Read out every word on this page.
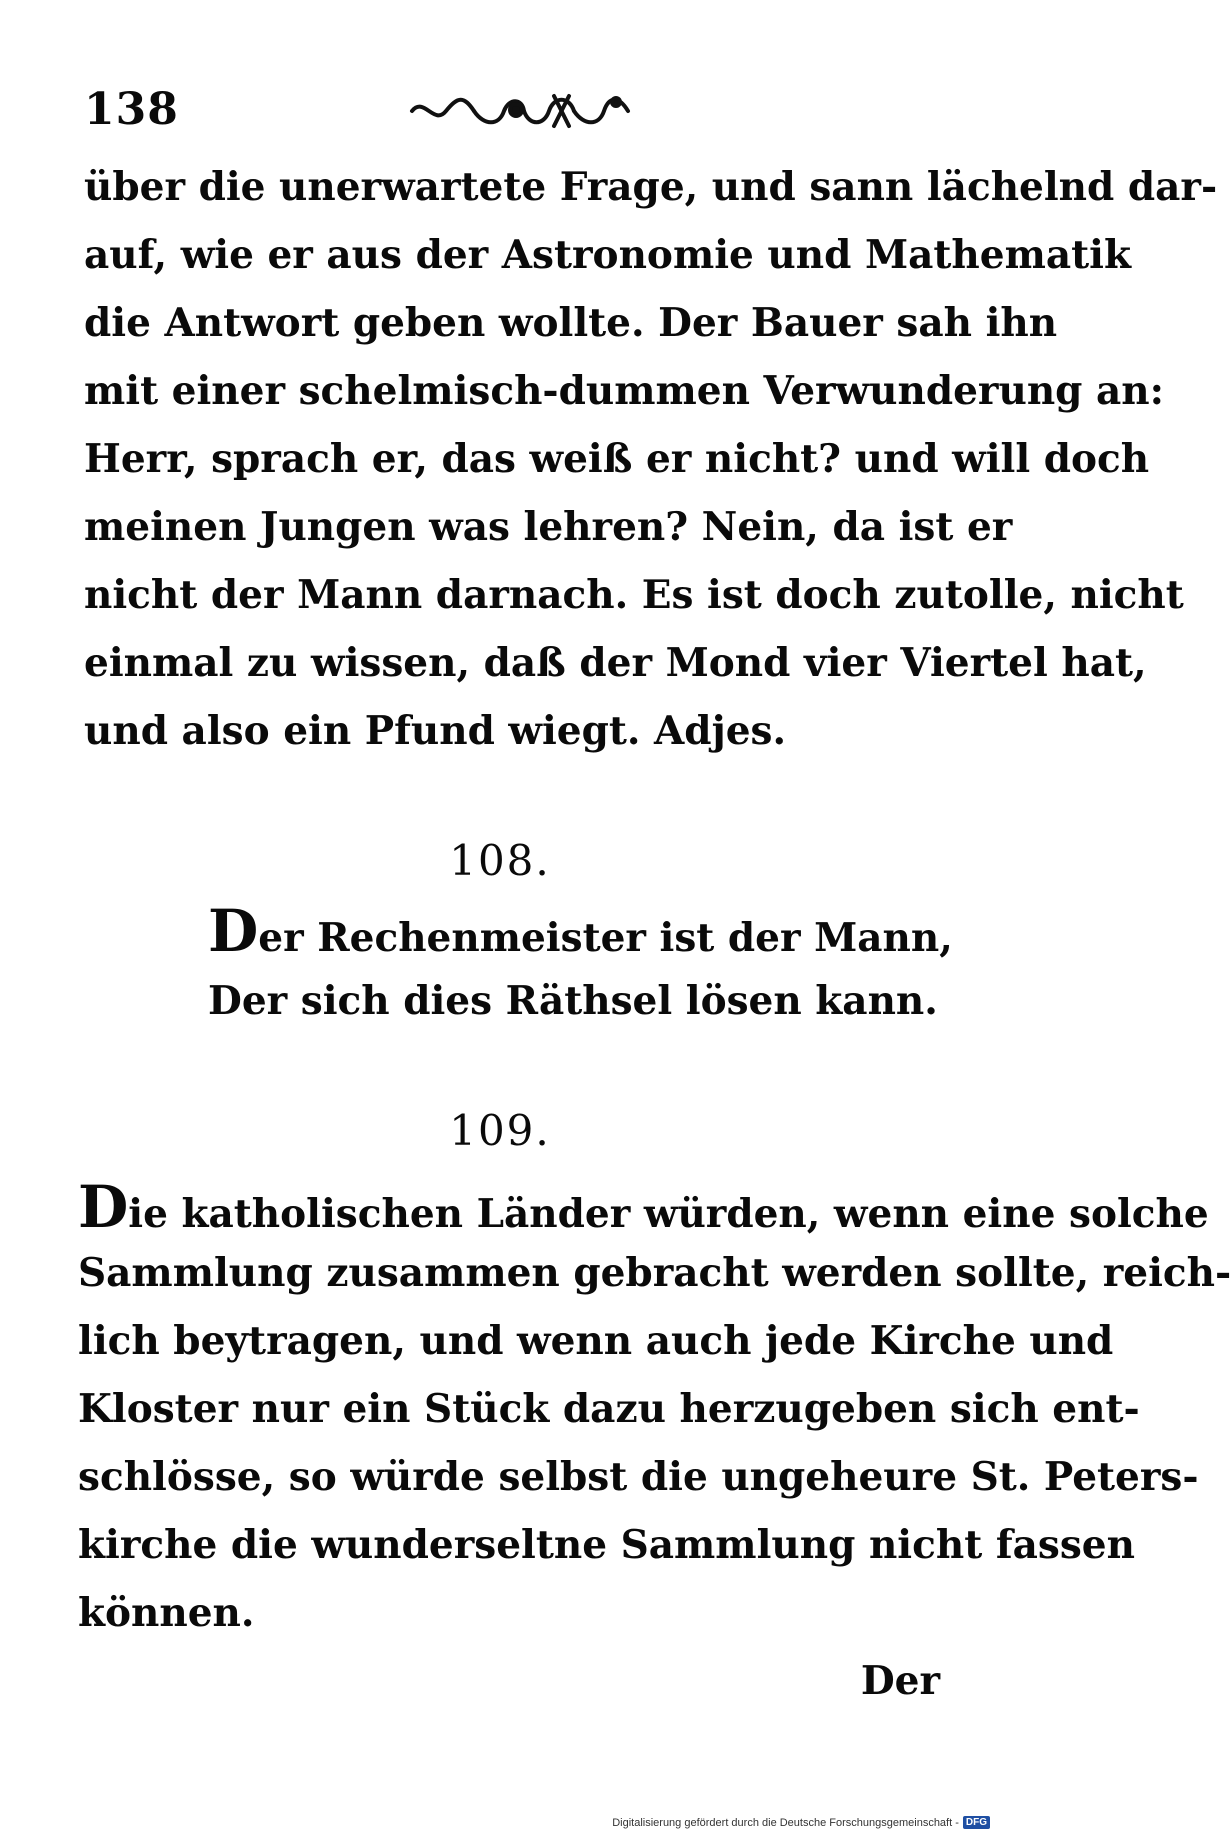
138
über die unerwartete Frage, und sann lächelnd dar-
auf, wie er aus der Astronomie und Mathematik
die Antwort geben wollte. Der Bauer sah ihn
mit einer schelmisch-dummen Verwunderung an:
Herr, sprach er, das weiß er nicht? und will doch
meinen Jungen was lehren? Nein, da ist er
nicht der Mann darnach. Es ist doch zutolle, nicht
einmal zu wissen, daß der Mond vier Viertel hat,
und also ein Pfund wiegt. Adjes.
108.
Der Rechenmeister ist der Mann,
Der sich dies Räthsel lösen kann.
109.
Die katholischen Länder würden, wenn eine solche
Sammlung zusammen gebracht werden sollte, reich-
lich beytragen, und wenn auch jede Kirche und
Kloster nur ein Stück dazu herzugeben sich ent-
schlösse, so würde selbst die ungeheure St. Peters-
kirche die wunderseltne Sammlung nicht fassen
können.
Der
Digitalisierung gefördert durch die Deutsche Forschungsgemeinschaft - DFG
